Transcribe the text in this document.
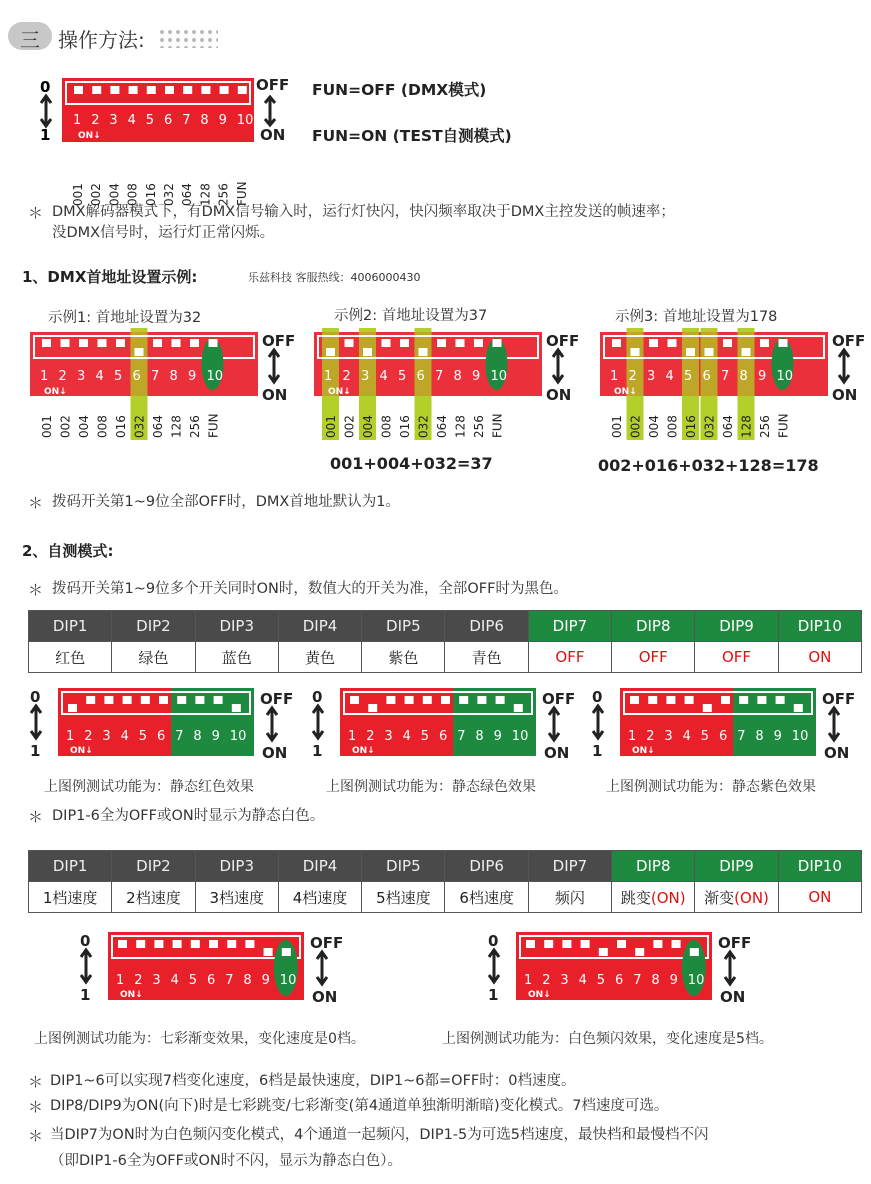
三 操作方法:
0
1	ON↓
1 2 3 4 5 6 7 8 9 10
001 002 004 008 016 032 064 128 256 FUN
OFF
ON
FUN=OFF (DMX模式)
FUN=ON (TEST自测模式)
＊ DMX解码器模式下，有DMX信号输入时，运行灯快闪，快闪频率取决于DMX主控发送的帧速率；
没DMX信号时，运行灯正常闪烁。
1、DMX首地址设置示例:	乐兹科技 客服热线：4006000430
示例1: 首地址设置为32	示例2: 首地址设置为37	示例3: 首地址设置为178
1
001
2
002
3
004
4
008
5
016
6
032
7
064
8
128
9
256
10
FUN
ON↓
OFF
ON
1
001
2
002
3
004
4
008
5
016
6
032
7
064
8
128
9
256
10
FUN
ON↓
OFF
ON
1
001
2
002
3
004
4
008
5
016
6
032
7
064
8
128
9
256
10
FUN
ON↓
OFF
ON
001+004+032=37	002+016+032+128=178
＊ 拨码开关第1~9位全部OFF时，DMX首地址默认为1。
2、自测模式:
＊ 拨码开关第1~9位多个开关同时ON时，数值大的开关为准，全部OFF时为黑色。
DIP1	DIP2	DIP3	DIP4	DIP5	DIP6	DIP7	DIP8	DIP9	DIP10
红色	绿色	蓝色	黄色	紫色	青色	OFF	OFF	OFF	ON
0
1
1 2 3 4 5 6 7 8 9 10
ON↓
OFF
ON
0
1
1 2 3 4 5 6 7 8 9 10
ON↓
OFF
ON
0
1
1 2 3 4 5 6 7 8 9 10
ON↓
OFF
ON
上图例测试功能为：静态红色效果	上图例测试功能为：静态绿色效果	上图例测试功能为：静态紫色效果
＊ DIP1-6全为OFF或ON时显示为静态白色。
DIP1	DIP2	DIP3	DIP4	DIP5	DIP6	DIP7	DIP8	DIP9	DIP10
1档速度	2档速度	3档速度	4档速度	5档速度	6档速度	频闪	跳变(ON)	渐变(ON)	ON
0
1
1 2 3 4 5 6 7 8 9 10
ON↓
OFF
ON
0
1
1 2 3 4 5 6 7 8 9 10
ON↓
OFF
ON
上图例测试功能为：七彩渐变效果，变化速度是0档。	上图例测试功能为：白色频闪效果，变化速度是5档。
＊ DIP1~6可以实现7档变化速度，6档是最快速度，DIP1~6都=OFF时：0档速度。
＊ DIP8/DIP9为ON(向下)时是七彩跳变/七彩渐变(第4通道单独渐明渐暗)变化模式。7档速度可选。
＊ 当DIP7为ON时为白色频闪变化模式，4个通道一起频闪，DIP1-5为可选5档速度，最快档和最慢档不闪
（即DIP1-6全为OFF或ON时不闪，显示为静态白色）。
